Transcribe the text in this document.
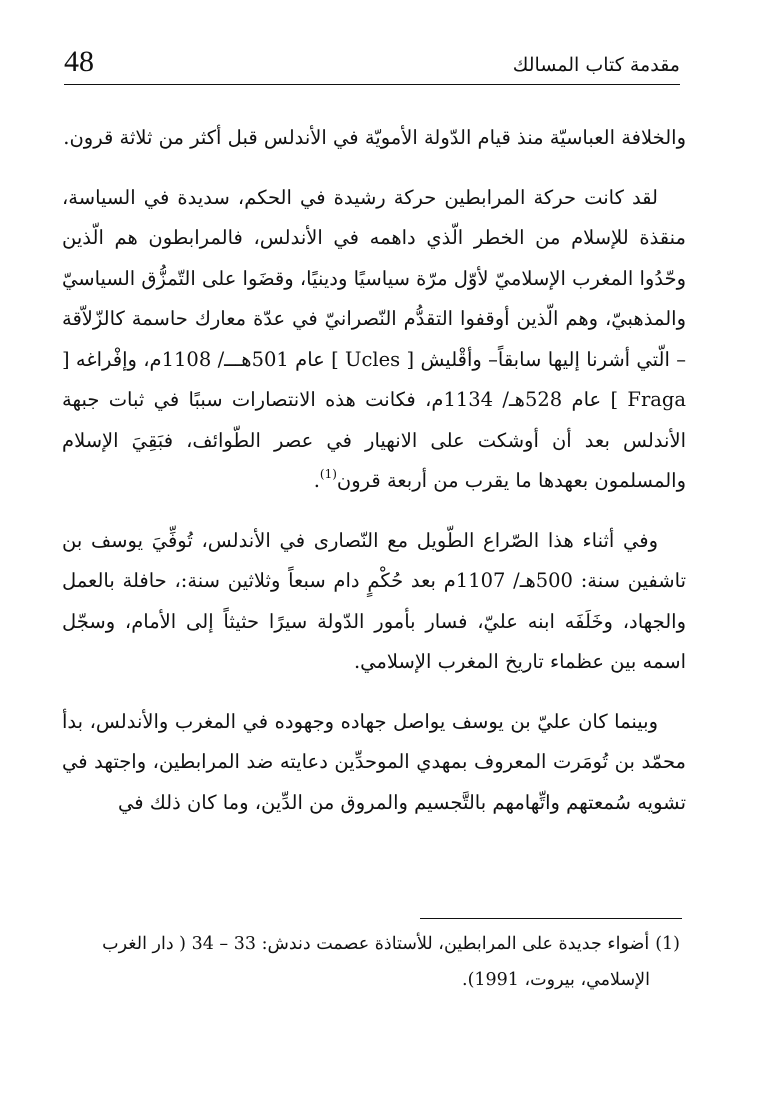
48	مقدمة كتاب المسالك

والخلافة العباسيّة منذ قيام الدّولة الأمويّة في الأندلس قبل أكثر من ثلاثة قرون.

لقد كانت حركة المرابطين حركة رشيدة في الحكم، سديدة في السياسة، منقذة للإسلام من الخطر الّذي داهمه في الأندلس، فالمرابطون هم الّذين وحّدُوا المغرب الإسلاميّ لأوّل مرّة سياسيًا ودينيًا، وقضَوا على التّمزُّق السياسيّ والمذهبيّ، وهم الّذين أوقفوا التقدُّم النّصرانيّ في عدّة معارك حاسمة كالزّلاّقة – الّتي أشرنا إليها سابقاً– وأقْليش [ Ucles ] عام 501هـــ/ 1108م، وإفْراغه [ Fraga ] عام 528هـ/ 1134م، فكانت هذه الانتصارات سببًا في ثبات جبهة الأندلس بعد أن أوشكت على الانهيار في عصر الطّوائف، فبَقِيَ الإسلام والمسلمون بعهدها ما يقرب من أربعة قرون$^{(1)}$.

وفي أثناء هذا الصّراع الطّويل مع النّصارى في الأندلس، تُوفِّيَ يوسف بن تاشفين سنة: 500هـ/ 1107م بعد حُكْمٍ دام سبعاً وثلاثين سنة:، حافلة بالعمل والجهاد، وخَلَفَه ابنه عليّ، فسار بأمور الدّولة سيرًا حثيثاً إلى الأمام، وسجّل اسمه بين عظماء تاريخ المغرب الإسلامي.

وبينما كان عليّ بن يوسف يواصل جهاده وجهوده في المغرب والأندلس، بدأ محمّد بن تُومَرت المعروف بمهدي الموحدِّين دعايته ضد المرابطين، واجتهد في تشويه سُمعتهم واتِّهامهم بالتَّجسيم والمروق من الدِّين، وما كان ذلك في

(1)أضواء جديدة على المرابطين، للأستاذة عصمت دندش: 33 – 34 ( دار الغرب
الإسلامي، بيروت، 1991).
